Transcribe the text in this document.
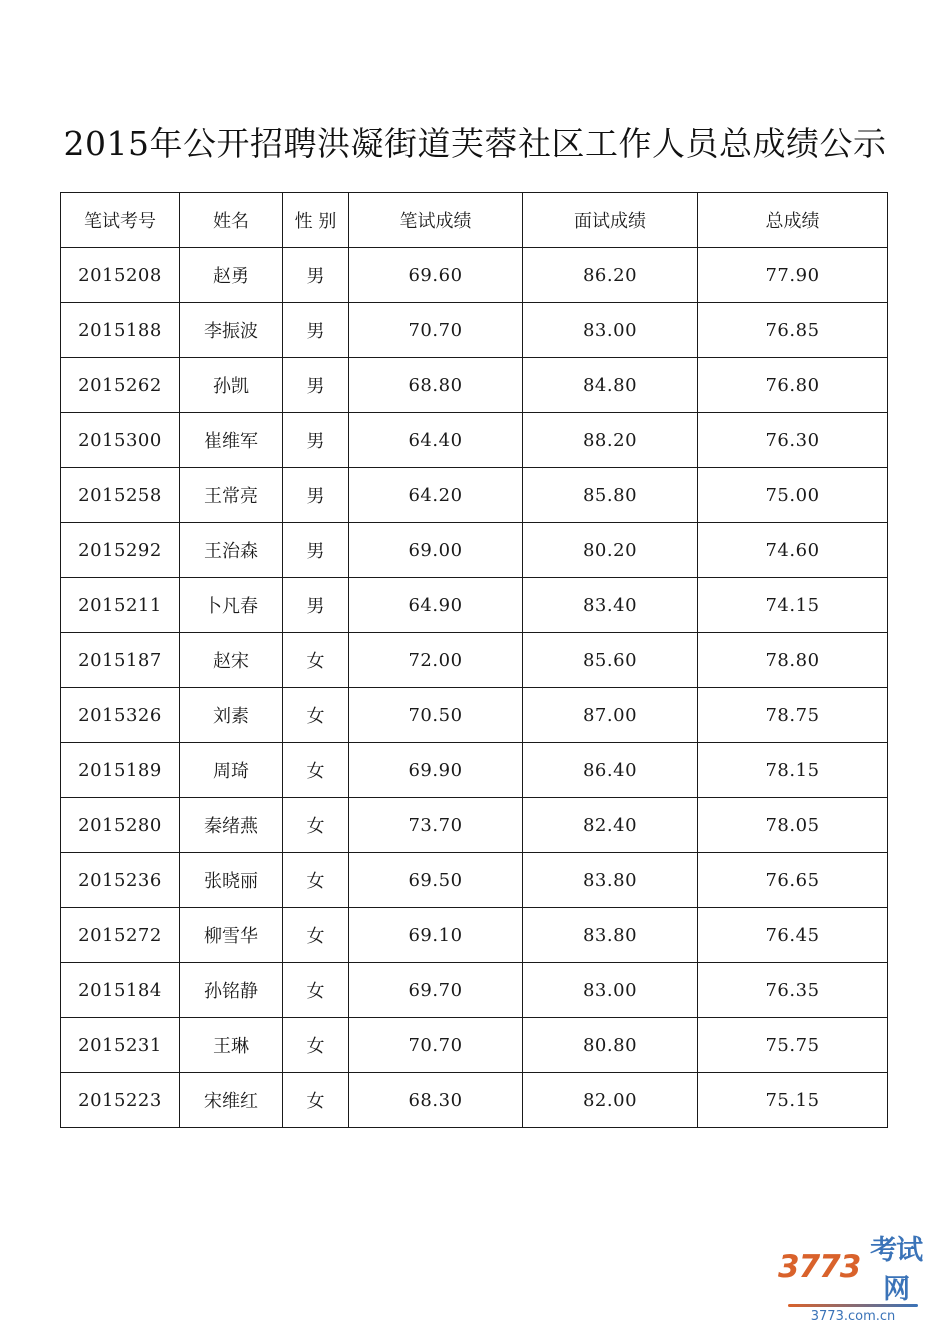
2015年公开招聘洪凝街道芙蓉社区工作人员总成绩公示
笔试考号	姓名	性 别	笔试成绩	面试成绩	总成绩
2015208	赵勇	男	69.60	86.20	77.90
2015188	李振波	男	70.70	83.00	76.85
2015262	孙凯	男	68.80	84.80	76.80
2015300	崔维军	男	64.40	88.20	76.30
2015258	王常亮	男	64.20	85.80	75.00
2015292	王治森	男	69.00	80.20	74.60
2015211	卜凡春	男	64.90	83.40	74.15
2015187	赵宋	女	72.00	85.60	78.80
2015326	刘素	女	70.50	87.00	78.75
2015189	周琦	女	69.90	86.40	78.15
2015280	秦绪燕	女	73.70	82.40	78.05
2015236	张晓丽	女	69.50	83.80	76.65
2015272	柳雪华	女	69.10	83.80	76.45
2015184	孙铭静	女	69.70	83.00	76.35
2015231	王琳	女	70.70	80.80	75.75
2015223	宋维红	女	68.30	82.00	75.15
3773 考试网
3773.com.cn
